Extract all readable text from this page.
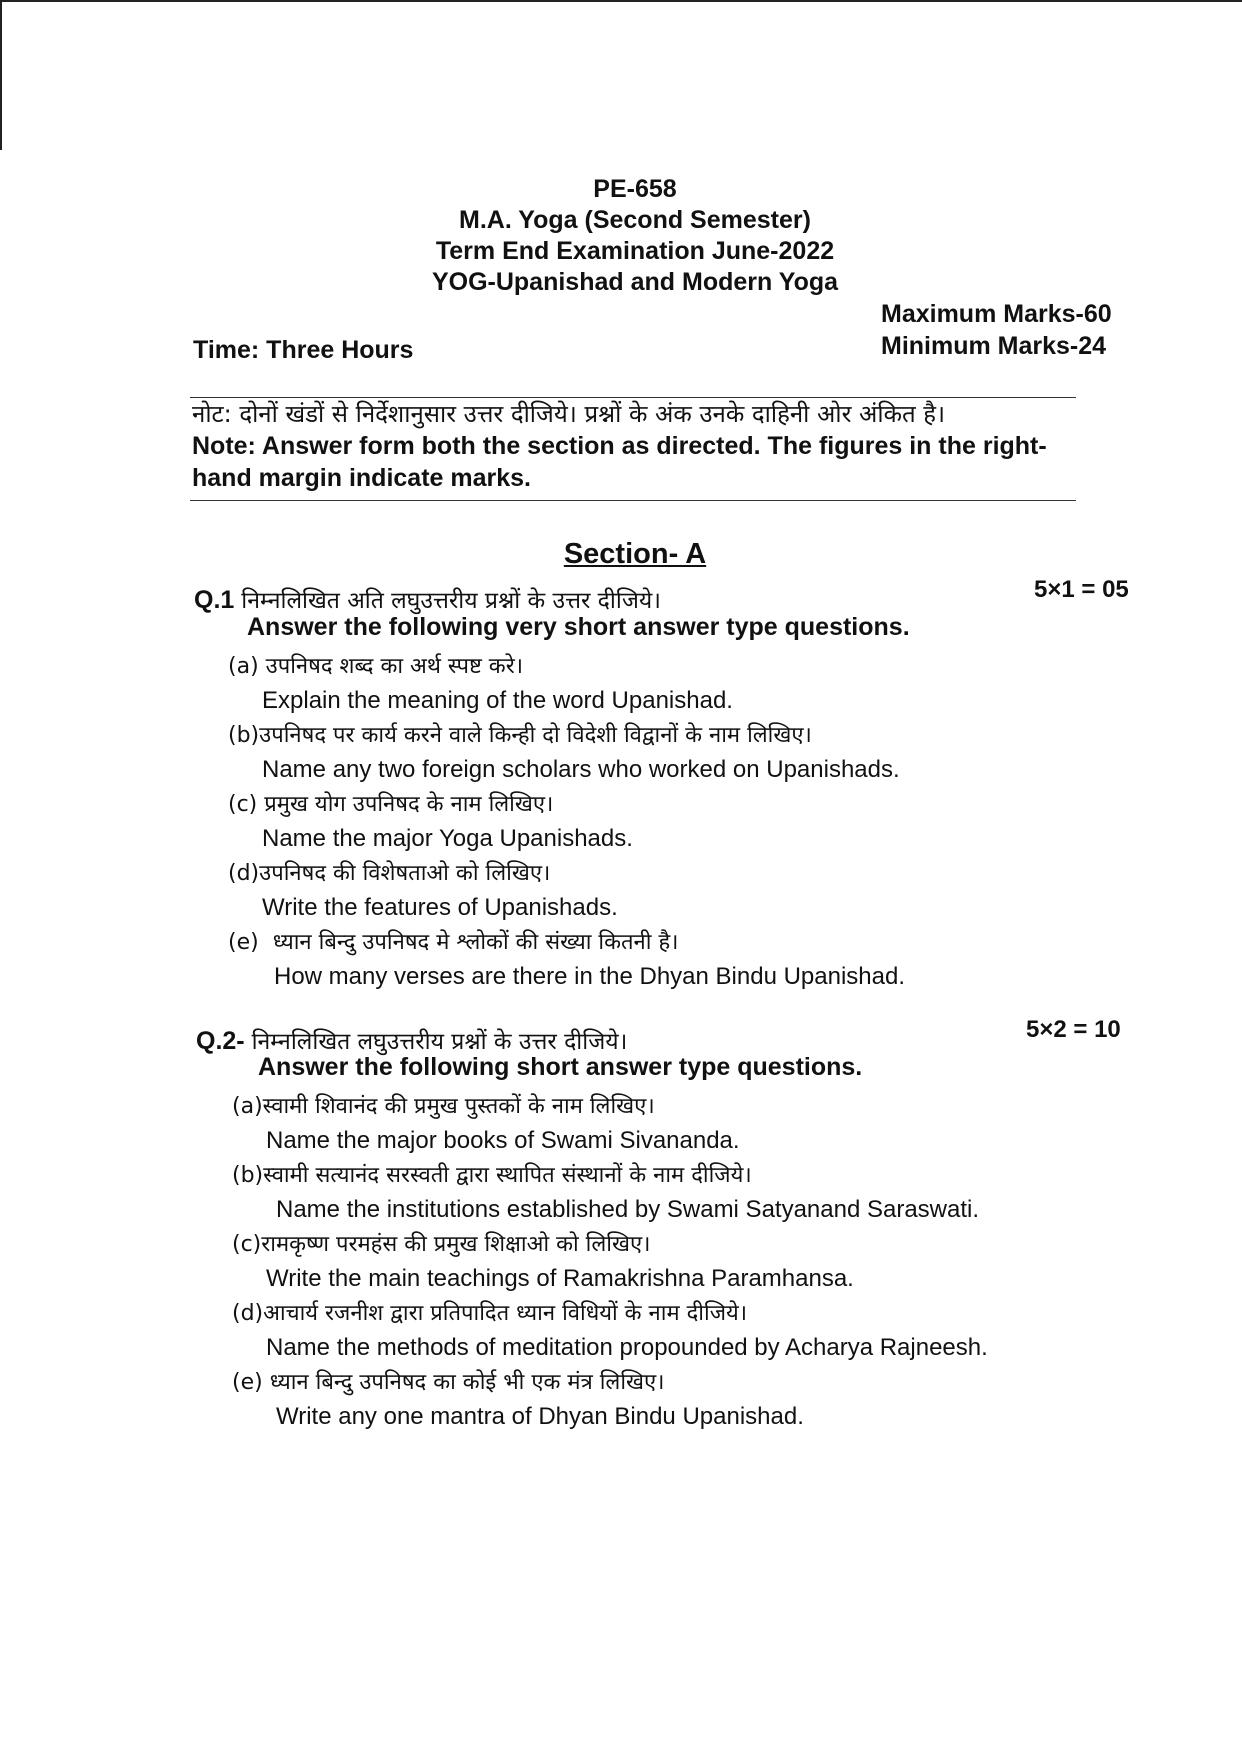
PE-658
M.A. Yoga (Second Semester)
Term End Examination June-2022
YOG-Upanishad and Modern Yoga
Maximum Marks-60
Minimum Marks-24
Time: Three Hours
नोट: दोनों खंडों से निर्देशानुसार उत्तर दीजिये। प्रश्नों के अंक उनके दाहिनी ओर अंकित है।
Note: Answer form both the section as directed. The figures in the right-hand margin indicate marks.
Section- A
Q.1 निम्नलिखित अति लघुउत्तरीय प्रश्नों के उत्तर दीजिये।	5×1 = 05
Answer the following very short answer type questions.
(a) उपनिषद शब्द का अर्थ स्पष्ट करे।
Explain the meaning of the word Upanishad.
(b)उपनिषद पर कार्य करने वाले किन्ही दो विदेशी विद्वानों के नाम लिखिए।
Name any two foreign scholars who worked on Upanishads.
(c) प्रमुख योग उपनिषद के नाम लिखिए।
Name the major Yoga Upanishads.
(d)उपनिषद की विशेषताओ को लिखिए।
Write the features of Upanishads.
(e) ध्यान बिन्दु उपनिषद मे श्लोकों की संख्या कितनी है।
How many verses are there in the Dhyan Bindu Upanishad.
Q.2- निम्नलिखित लघुउत्तरीय प्रश्नों के उत्तर दीजिये।	5×2 = 10
Answer the following short answer type questions.
(a)स्वामी शिवानंद की प्रमुख पुस्तकों के नाम लिखिए।
Name the major books of Swami Sivananda.
(b)स्वामी सत्यानंद सरस्वती द्वारा स्थापित संस्थानों के नाम दीजिये।
Name the institutions established by Swami Satyanand Saraswati.
(c)रामकृष्ण परमहंस की प्रमुख शिक्षाओ को लिखिए।
Write the main teachings of Ramakrishna Paramhansa.
(d)आचार्य रजनीश द्वारा प्रतिपादित ध्यान विधियों के नाम दीजिये।
Name the methods of meditation propounded by Acharya Rajneesh.
(e) ध्यान बिन्दु उपनिषद का कोई भी एक मंत्र लिखिए।
Write any one mantra of Dhyan Bindu Upanishad.
